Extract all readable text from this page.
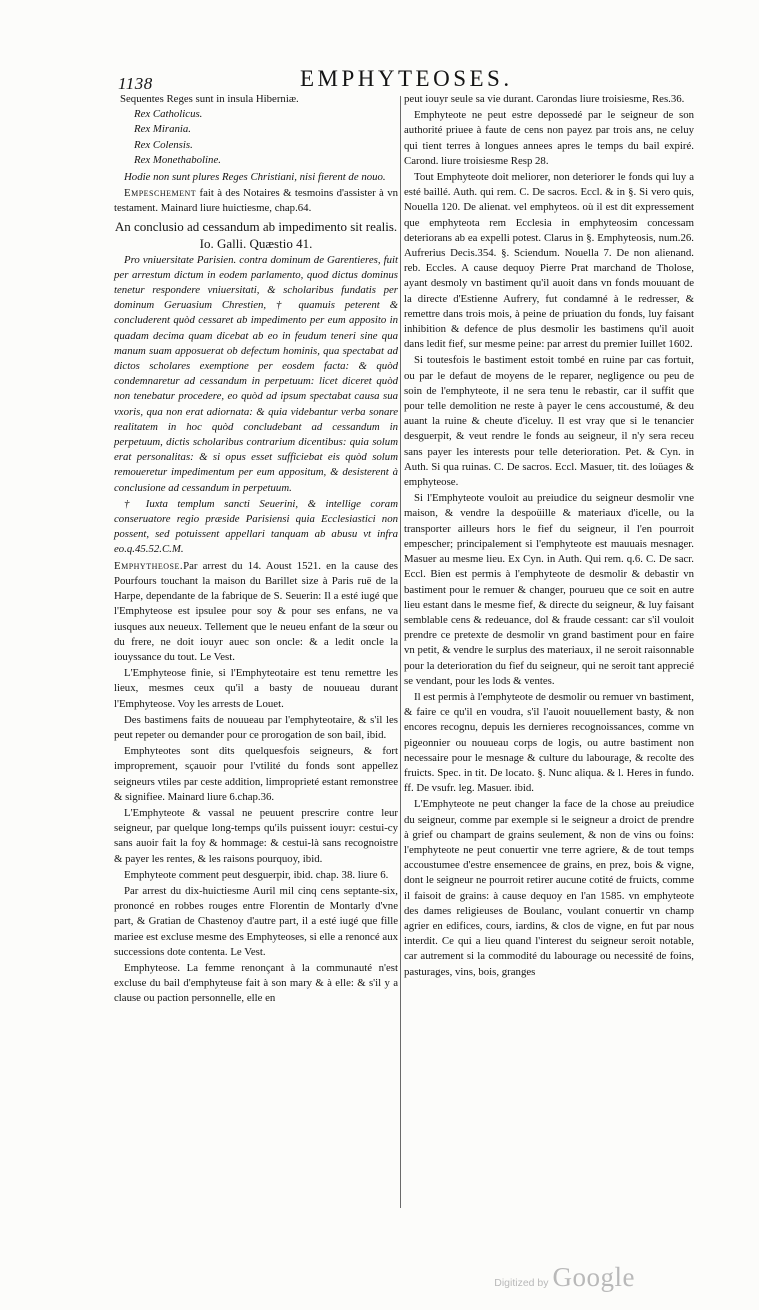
1138	EMPHYTEOSES.
Sequentes Reges sunt in insula Hiberniæ.
Rex Catholicus.
Rex Mirania.
Rex Colensis.
Rex Monethaboline.

Hodie non sunt plures Reges Christiani, nisi fierent de nouo.

Empeschement fait à des Notaires & tesmoins d'assister à vn testament. Mainard liure huictiesme, chap.64.

An conclusio ad cessandum ab impedimento sit realis. Io. Galli. Quæstio 41.

Pro vniuersitate Parisien. contra dominum de Garentieres, fuit per arrestum dictum in eodem parlamento, quod dictus dominus tenetur respondere vniuersitati, & scholaribus fundatis per dominum Geruasium Chrestien, † quamuis peterent & concluderent quòd cessaret ab impedimento per eum apposito in quadam decima quam dicebat ab eo in feudum teneri sine qua manum suam apposuerat ob defectum hominis, qua spectabat ad dictos scholares exemptione per eosdem facta: & quòd condemnaretur ad cessandum in perpetuum: licet diceret quòd non tenebatur procedere, eo quòd ad ipsum spectabat causa sua vxoris, qua non erat adiornata: & quia videbantur verba sonare realitatem in hoc quòd concludebant ad cessandum in perpetuum, dictis scholaribus contrarium dicentibus: quia solum erat personalitas: & si opus esset sufficiebat eis quòd solum remoueretur impedimentum per eum appositum, & desisterent à conclusione ad cessandum in perpetuum.

† Iuxta templum sancti Seuerini, & intellige coram conseruatore regio præside Parisiensi quia Ecclesiastici non possent, sed potuissent appellari tanquam ab abusu vt infra eo.q.45.52.C.M.

Emphytheose.Par arrest du 14. Aoust 1521. en la cause des Pourfours touchant la maison du Barillet size à Paris ruë de la Harpe, dependante de la fabrique de S. Seuerin: Il a esté iugé que l'Emphyteose est ipsulee pour soy & pour ses enfans, ne va iusques aux neueux. Tellement que le neueu enfant de la sœur ou du frere, ne doit iouyr auec son oncle: & a ledit oncle la iouyssance du tout. Le Vest.

L'Emphyteose finie, si l'Emphyteotaire est tenu remettre les lieux, mesmes ceux qu'il a basty de nouueau durant l'Emphyteose. Voy les arrests de Louet.

Des bastimens faits de nouueau par l'emphyteotaire, & s'il les peut repeter ou demander pour ce prorogation de son bail, ibid.

Emphyteotes sont dits quelquesfois seigneurs, & fort improprement, sçauoir pour l'vtilité du fonds sont appellez seigneurs vtiles par ceste addition, limproprieté estant remonstree & signifiee. Mainard liure 6.chap.36.

L'Emphyteote & vassal ne peuuent prescrire contre leur seigneur, par quelque long-temps qu'ils puissent iouyr: cestui-cy sans auoir fait la foy & hommage: & cestui-là sans recognoistre & payer les rentes, & les raisons pourquoy, ibid.

Emphyteote comment peut desguerpir, ibid. chap. 38. liure 6.

Par arrest du dix-huictiesme Auril mil cinq cens septante-six, prononcé en robbes rouges entre Florentin de Montarly d'vne part, & Gratian de Chastenoy d'autre part, il a esté iugé que fille mariee est excluse mesme des Emphyteoses, si elle a renoncé aux successions dote contenta. Le Vest.

Emphyteose. La femme renonçant à la communauté n'est excluse du bail d'emphyteuse fait à son mary & à elle: & s'il y a clause ou paction personnelle, elle en

peut iouyr seule sa vie durant. Carondas liure troisiesme, Res.36.

Emphyteote ne peut estre depossedé par le seigneur de son authorité priuee à faute de cens non payez par trois ans, ne celuy qui tient terres à longues annees apres le temps du bail expiré. Carond. liure troisiesme Resp 28.

Tout Emphyteote doit meliorer, non deteriorer le fonds qui luy a esté baillé. Auth. qui rem. C. De sacros. Eccl. & in §. Si vero quis, Nouella 120. De alienat. vel emphyteos. où il est dit expressement que emphyteota rem Ecclesia in emphyteosim concessam deteriorans ab ea expelli potest. Clarus in §. Emphyteosis, num.26. Aufrerius Decis.354. §. Sciendum. Nouella 7. De non alienand. reb. Eccles. A cause dequoy Pierre Prat marchand de Tholose, ayant desmoly vn bastiment qu'il auoit dans vn fonds mouuant de la directe d'Estienne Aufrery, fut condamné à le redresser, & remettre dans trois mois, à peine de priuation du fonds, luy faisant inhibition & defence de plus desmolir les bastimens qu'il auoit dans ledit fief, sur mesme peine: par arrest du premier Iuillet 1602.

Si toutesfois le bastiment estoit tombé en ruine par cas fortuit, ou par le defaut de moyens de le reparer, negligence ou peu de soin de l'emphyteote, il ne sera tenu le rebastir, car il suffit que pour telle demolition ne reste à payer le cens accoustumé, & deu auant la ruine & cheute d'iceluy. Il est vray que si le tenancier desguerpit, & veut rendre le fonds au seigneur, il n'y sera receu sans payer les interests pour telle deterioration. Pet. & Cyn. in Auth. Si qua ruinas. C. De sacros. Eccl. Masuer, tit. des loüages & emphyteose.

Si l'Emphyteote vouloit au preiudice du seigneur desmolir vne maison, & vendre la despoüille & materiaux d'icelle, ou la transporter ailleurs hors le fief du seigneur, il l'en pourroit empescher; principalement si l'emphyteote est mauuais mesnager. Masuer au mesme lieu. Ex Cyn. in Auth. Qui rem. q.6. C. De sacr. Eccl. Bien est permis à l'emphyteote de desmolir & debastir vn bastiment pour le remuer & changer, pourueu que ce soit en autre lieu estant dans le mesme fief, & directe du seigneur, & luy faisant semblable cens & redeuance, dol & fraude cessant: car s'il vouloit prendre ce pretexte de desmolir vn grand bastiment pour en faire vn petit, & vendre le surplus des materiaux, il ne seroit raisonnable pour la deterioration du fief du seigneur, qui ne seroit tant apprecié se vendant, pour les lods & ventes.

Il est permis à l'emphyteote de desmolir ou remuer vn bastiment, & faire ce qu'il en voudra, s'il l'auoit nouuellement basty, & non encores recognu, depuis les dernieres recognoissances, comme vn pigeonnier ou nouueau corps de logis, ou autre bastiment non necessaire pour le mesnage & culture du labourage, & recolte des fruicts. Spec. in tit. De locato. §. Nunc aliqua. & l. Heres in fundo. ff. De vsufr. leg. Masuer. ibid.

L'Emphyteote ne peut changer la face de la chose au preiudice du seigneur, comme par exemple si le seigneur a droict de prendre à grief ou champart de grains seulement, & non de vins ou foins: l'emphyteote ne peut conuertir vne terre agriere, & de tout temps accoustumee d'estre ensemencee de grains, en prez, bois & vigne, dont le seigneur ne pourroit retirer aucune cotité de fruicts, comme il faisoit de grains: à cause dequoy en l'an 1585. vn emphyteote des dames religieuses de Boulanc, voulant conuertir vn champ agrier en edifices, cours, iardins, & clos de vigne, en fut par nous interdit. Ce qui a lieu quand l'interest du seigneur seroit notable, car autrement si la commodité du labourage ou necessité de foins, pasturages, vins, bois, granges

Digitized by Google
